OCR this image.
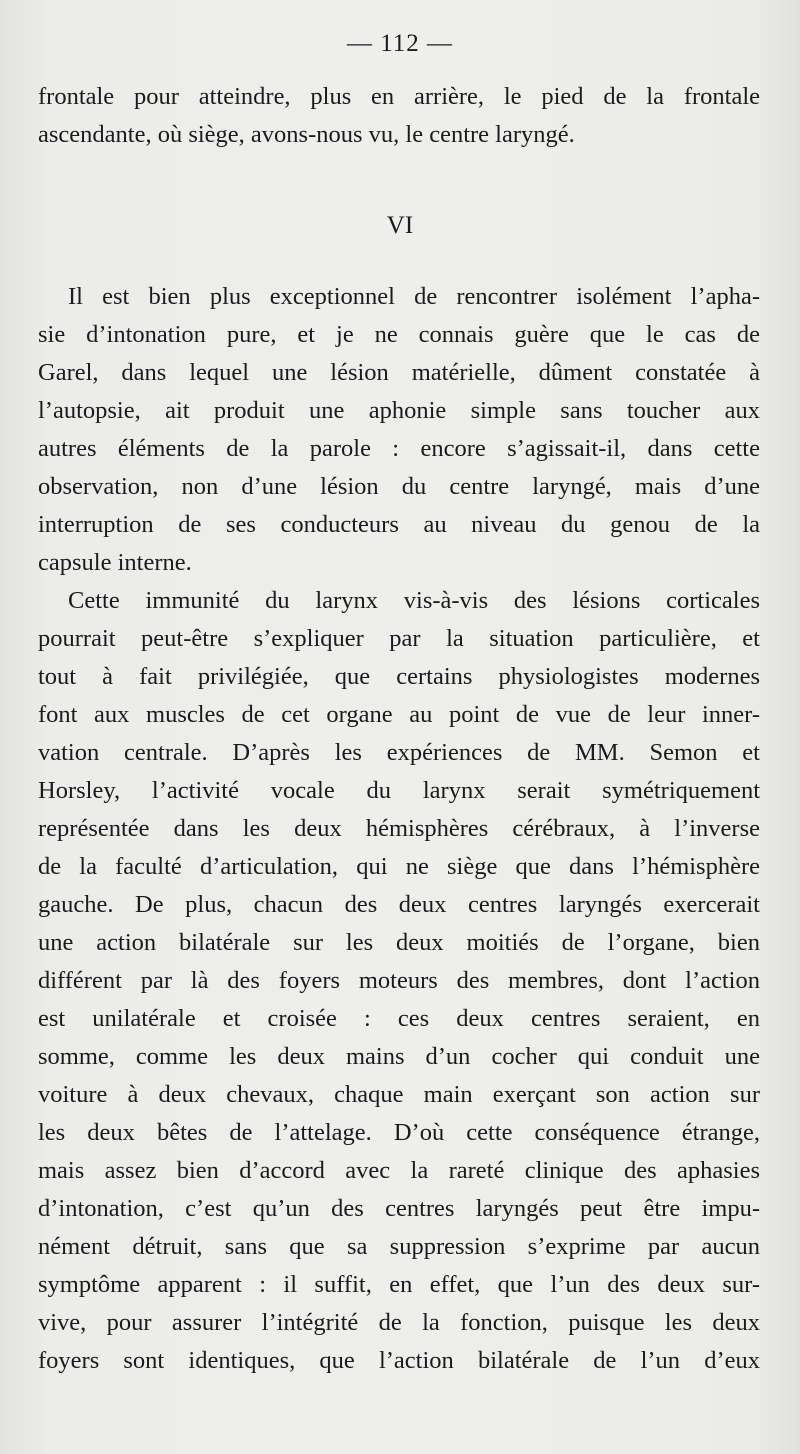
— 112 —
frontale pour atteindre, plus en arrière, le pied de la frontale
ascendante, où siège, avons-nous vu, le centre laryngé.
VI
Il est bien plus exceptionnel de rencontrer isolément l’apha-
sie d’intonation pure, et je ne connais guère que le cas de
Garel, dans lequel une lésion matérielle, dûment constatée à
l’autopsie, ait produit une aphonie simple sans toucher aux
autres éléments de la parole : encore s’agissait-il, dans cette
observation, non d’une lésion du centre laryngé, mais d’une
interruption de ses conducteurs au niveau du genou de la
capsule interne.
Cette immunité du larynx vis-à-vis des lésions corticales
pourrait peut-être s’expliquer par la situation particulière, et
tout à fait privilégiée, que certains physiologistes modernes
font aux muscles de cet organe au point de vue de leur inner-
vation centrale. D’après les expériences de MM. Semon et
Horsley, l’activité vocale du larynx serait symétriquement
représentée dans les deux hémisphères cérébraux, à l’inverse
de la faculté d’articulation, qui ne siège que dans l’hémisphère
gauche. De plus, chacun des deux centres laryngés exercerait
une action bilatérale sur les deux moitiés de l’organe, bien
différent par là des foyers moteurs des membres, dont l’action
est unilatérale et croisée : ces deux centres seraient, en
somme, comme les deux mains d’un cocher qui conduit une
voiture à deux chevaux, chaque main exerçant son action sur
les deux bêtes de l’attelage. D’où cette conséquence étrange,
mais assez bien d’accord avec la rareté clinique des aphasies
d’intonation, c’est qu’un des centres laryngés peut être impu-
nément détruit, sans que sa suppression s’exprime par aucun
symptôme apparent : il suffit, en effet, que l’un des deux sur-
vive, pour assurer l’intégrité de la fonction, puisque les deux
foyers sont identiques, que l’action bilatérale de l’un d’eux
